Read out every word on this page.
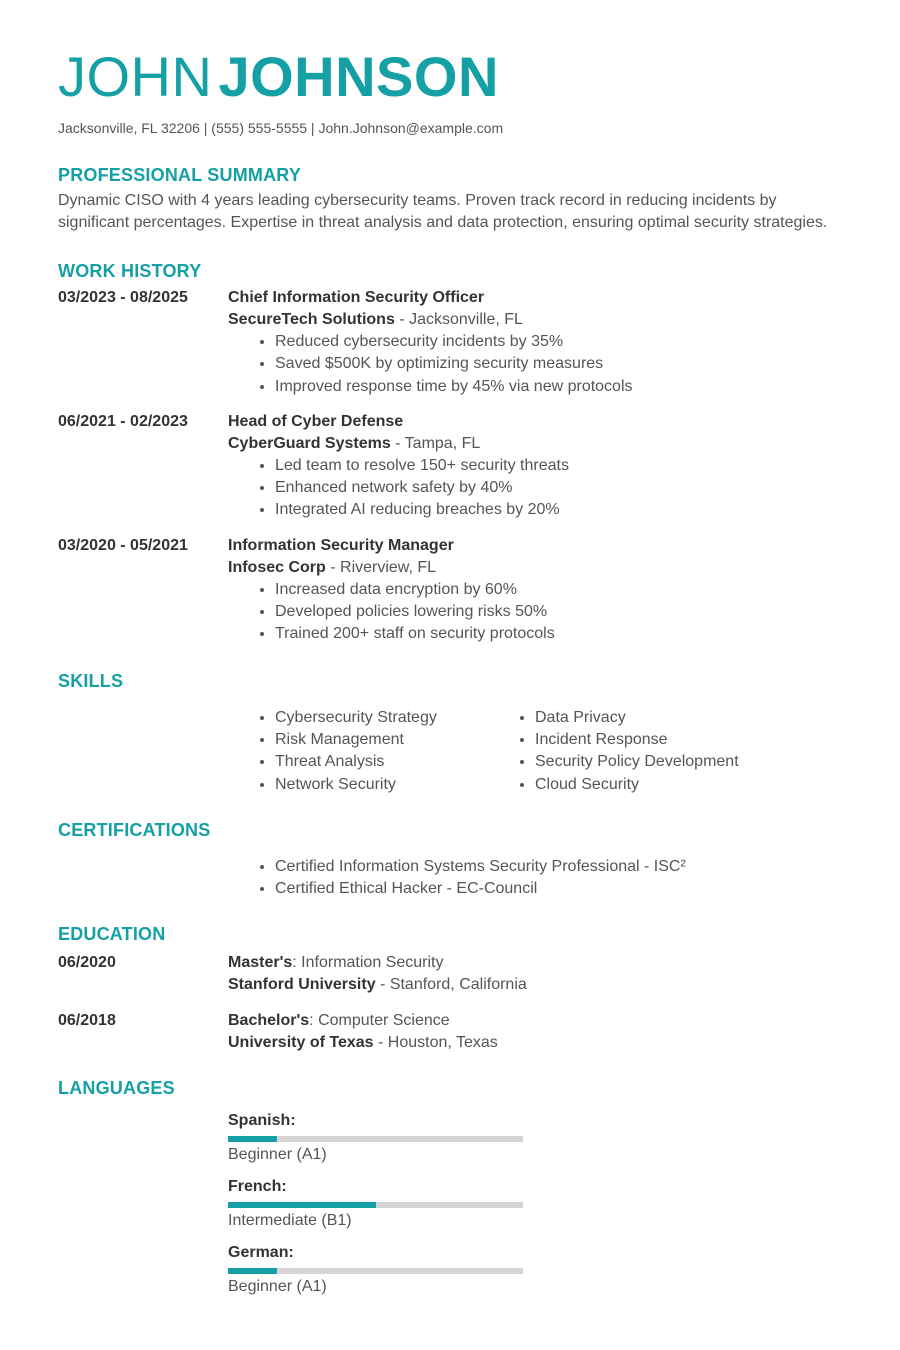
JOHN JOHNSON
Jacksonville, FL 32206 | (555) 555-5555 | John.Johnson@example.com
PROFESSIONAL SUMMARY
Dynamic CISO with 4 years leading cybersecurity teams. Proven track record in reducing incidents by significant percentages. Expertise in threat analysis and data protection, ensuring optimal security strategies.
WORK HISTORY
03/2023 - 08/2025	Chief Information Security Officer
SecureTech Solutions - Jacksonville, FL
• Reduced cybersecurity incidents by 35%
• Saved $500K by optimizing security measures
• Improved response time by 45% via new protocols
06/2021 - 02/2023	Head of Cyber Defense
CyberGuard Systems - Tampa, FL
• Led team to resolve 150+ security threats
• Enhanced network safety by 40%
• Integrated AI reducing breaches by 20%
03/2020 - 05/2021	Information Security Manager
Infosec Corp - Riverview, FL
• Increased data encryption by 60%
• Developed policies lowering risks 50%
• Trained 200+ staff on security protocols
SKILLS
• Cybersecurity Strategy
• Risk Management
• Threat Analysis
• Network Security
• Data Privacy
• Incident Response
• Security Policy Development
• Cloud Security
CERTIFICATIONS
• Certified Information Systems Security Professional - ISC²
• Certified Ethical Hacker - EC-Council
EDUCATION
06/2020	Master's: Information Security
Stanford University - Stanford, California
06/2018	Bachelor's: Computer Science
University of Texas - Houston, Texas
LANGUAGES
Spanish:
Beginner (A1)
French:
Intermediate (B1)
German:
Beginner (A1)
